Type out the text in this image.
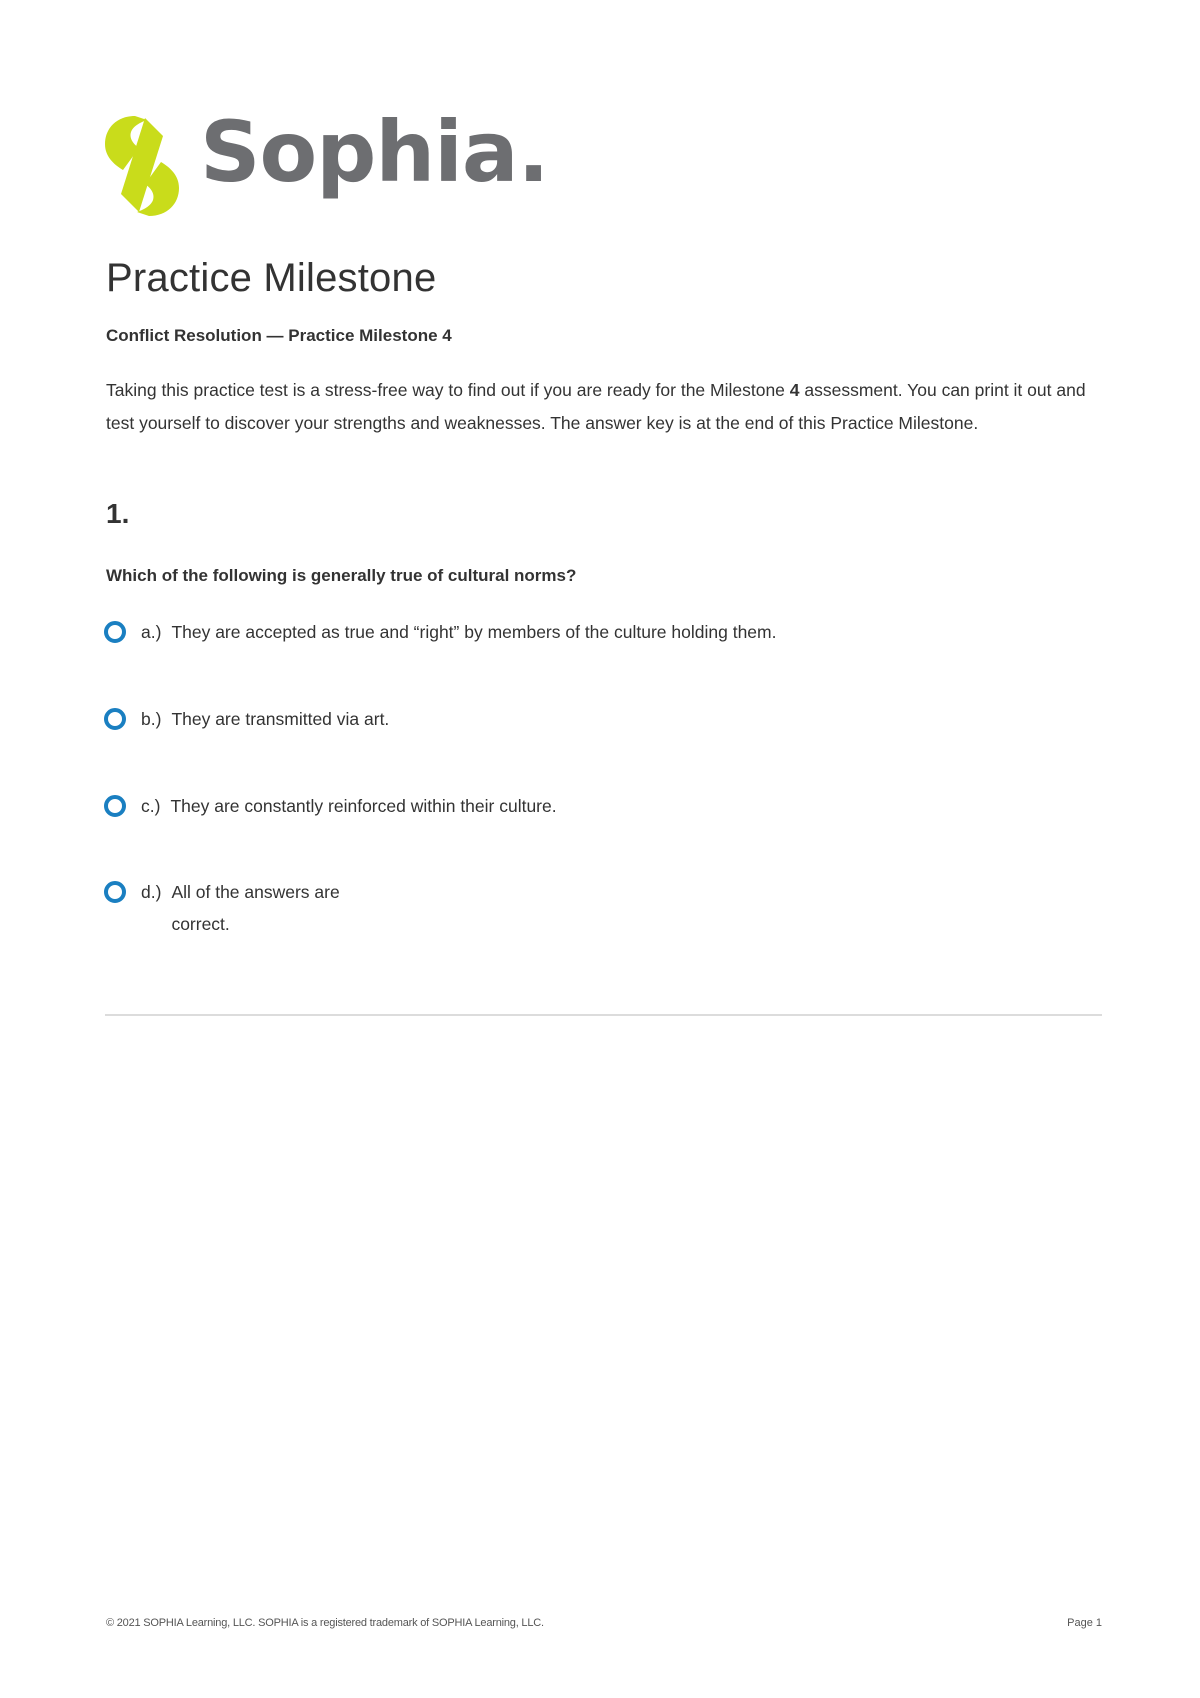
Sophia.
Practice Milestone
Conflict Resolution — Practice Milestone 4

Taking this practice test is a stress-free way to find out if you are ready for the Milestone 4 assessment. You can print it out and test yourself to discover your strengths and weaknesses. The answer key is at the end of this Practice Milestone.

1.
Which of the following is generally true of cultural norms?
a.) They are accepted as true and “right” by members of the culture holding them.
b.) They are transmitted via art.
c.) They are constantly reinforced within their culture.
d.) All of the answers are correct.
© 2021 SOPHIA Learning, LLC. SOPHIA is a registered trademark of SOPHIA Learning, LLC.	Page 1
